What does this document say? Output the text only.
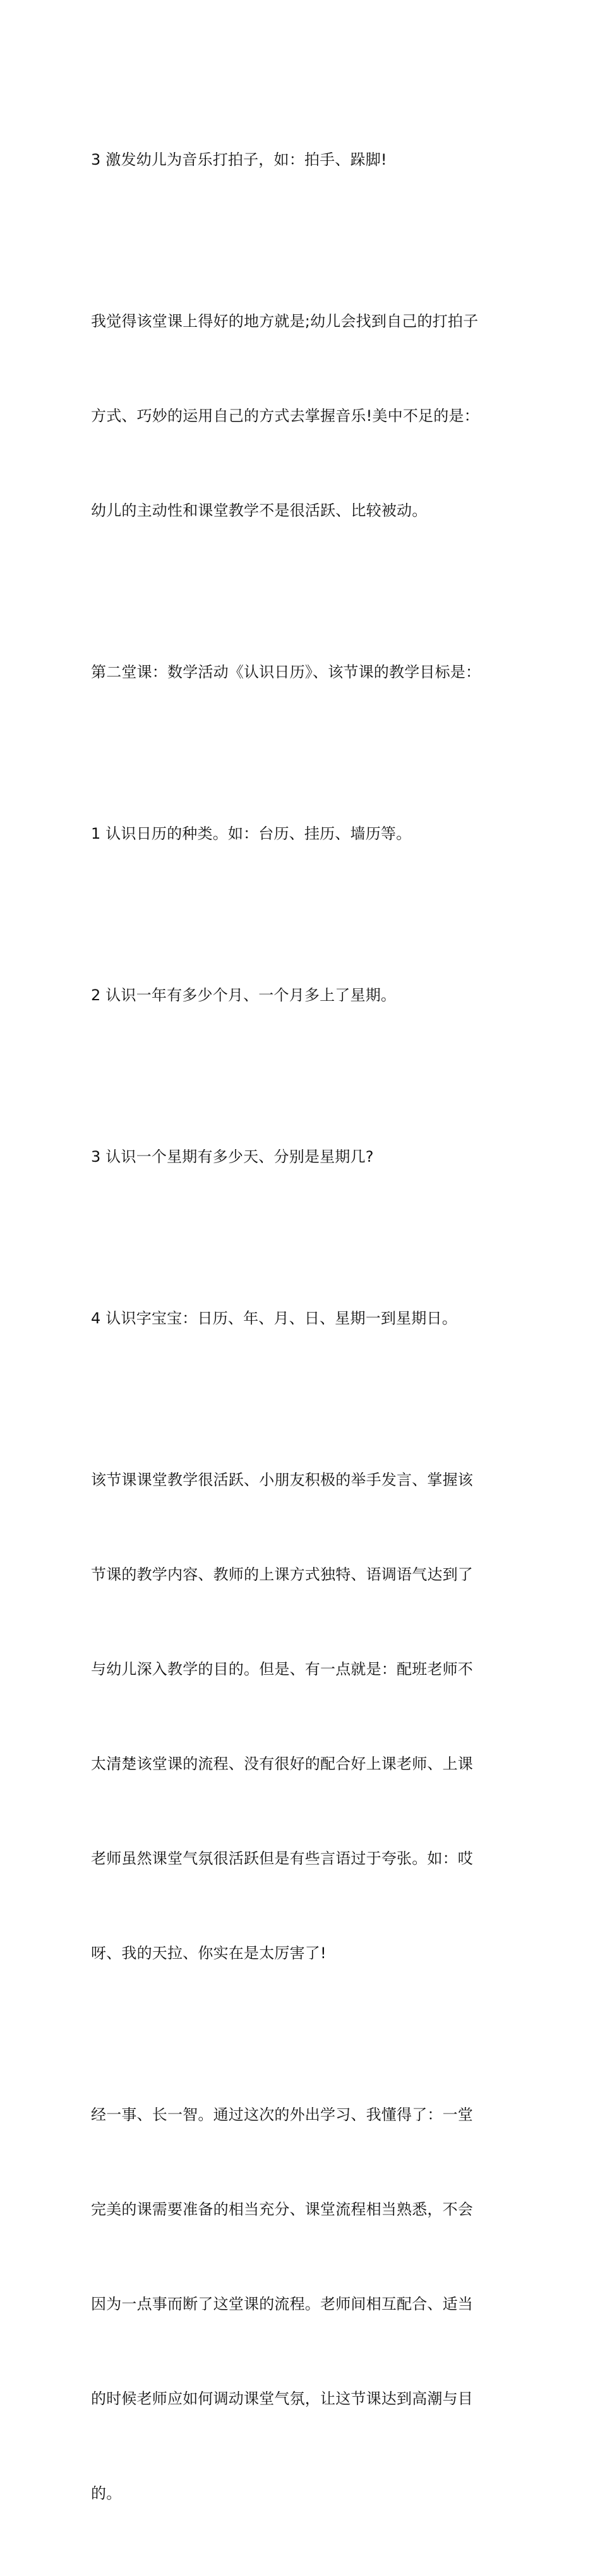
3 激发幼儿为音乐打拍子，如：拍手、跺脚!

我觉得该堂课上得好的地方就是;幼儿会找到自己的打拍子

方式、巧妙的运用自己的方式去掌握音乐!美中不足的是：

幼儿的主动性和课堂教学不是很活跃、比较被动。

第二堂课：数学活动《认识日历》、该节课的教学目标是：

1 认识日历的种类。如：台历、挂历、墙历等。

2 认识一年有多少个月、一个月多上了星期。

3 认识一个星期有多少天、分别是星期几?

4 认识字宝宝：日历、年、月、日、星期一到星期日。

该节课课堂教学很活跃、小朋友积极的举手发言、掌握该

节课的教学内容、教师的上课方式独特、语调语气达到了

与幼儿深入教学的目的。但是、有一点就是：配班老师不

太清楚该堂课的流程、没有很好的配合好上课老师、上课

老师虽然课堂气氛很活跃但是有些言语过于夸张。如：哎

呀、我的天拉、你实在是太厉害了!

经一事、长一智。通过这次的外出学习、我懂得了：一堂

完美的课需要准备的相当充分、课堂流程相当熟悉，不会

因为一点事而断了这堂课的流程。老师间相互配合、适当

的时候老师应如何调动课堂气氛，让这节课达到高潮与目

的。
